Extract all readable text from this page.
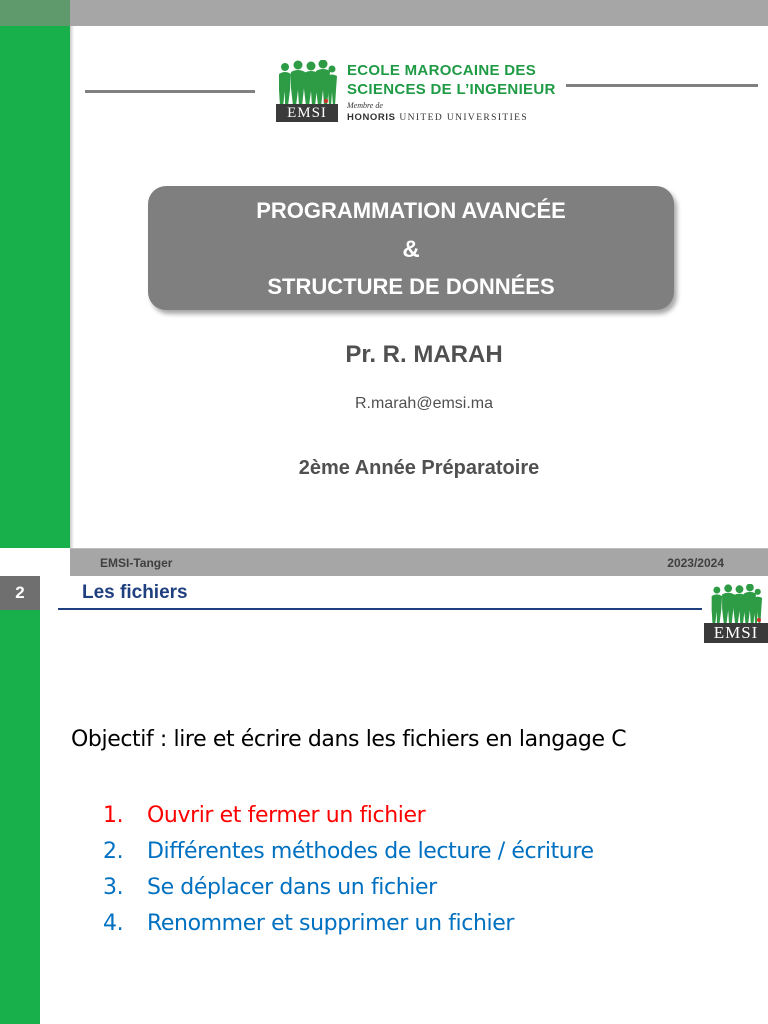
EMSI
ECOLE MAROCAINE DES
SCIENCES DE L’INGENIEUR
Membre de
HONORIS UNITED UNIVERSITIES
PROGRAMMATION AVANCÉE
&
STRUCTURE DE DONNÉES
Pr. R. MARAH
R.marah@emsi.ma
2ème Année Préparatoire
EMSI-Tanger	2023/2024
2	Les fichiers
EMSI
Objectif : lire et écrire dans les fichiers en langage C
1. Ouvrir et fermer un fichier
2. Différentes méthodes de lecture / écriture
3. Se déplacer dans un fichier
4. Renommer et supprimer un fichier
